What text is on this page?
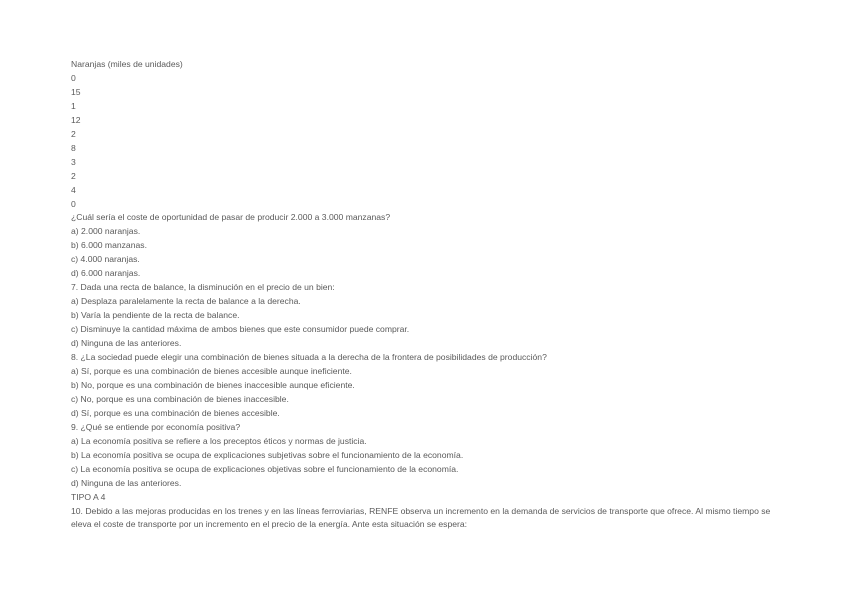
Naranjas (miles de unidades)
0
15
1
12
2
8
3
2
4
0
¿Cuál sería el coste de oportunidad de pasar de producir 2.000 a 3.000 manzanas?
a) 2.000 naranjas.
b) 6.000 manzanas.
c) 4.000 naranjas.
d) 6.000 naranjas.
7. Dada una recta de balance, la disminución en el precio de un bien:
a) Desplaza paralelamente la recta de balance a la derecha.
b) Varía la pendiente de la recta de balance.
c) Disminuye la cantidad máxima de ambos bienes que este consumidor puede comprar.
d) Ninguna de las anteriores.
8. ¿La sociedad puede elegir una combinación de bienes situada a la derecha de la frontera de posibilidades de producción?
a) Sí, porque es una combinación de bienes accesible aunque ineficiente.
b) No, porque es una combinación de bienes inaccesible aunque eficiente.
c) No, porque es una combinación de bienes inaccesible.
d) Sí, porque es una combinación de bienes accesible.
9. ¿Qué se entiende por economía positiva?
a) La economía positiva se refiere a los preceptos éticos y normas de justicia.
b) La economía positiva se ocupa de explicaciones subjetivas sobre el funcionamiento de la economía.
c) La economía positiva se ocupa de explicaciones objetivas sobre el funcionamiento de la economía.
d) Ninguna de las anteriores.
TIPO A 4
10. Debido a las mejoras producidas en los trenes y en las líneas ferroviarias, RENFE observa un incremento en la demanda de servicios de transporte que ofrece. Al mismo tiempo se eleva el coste de transporte por un incremento en el precio de la energía. Ante esta situación se espera:
